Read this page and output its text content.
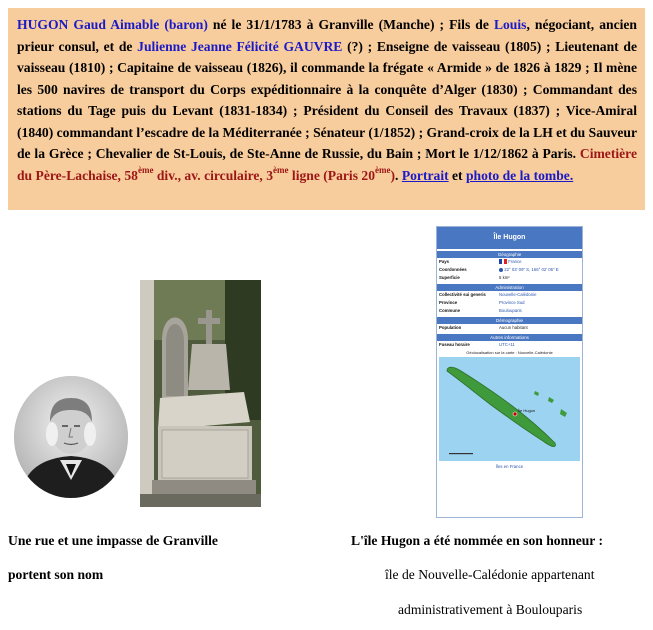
HUGON Gaud Aimable (baron) né le 31/1/1783 à Granville (Manche) ; Fils de Louis, négociant, ancien prieur consul, et de Julienne Jeanne Félicité GAUVRE (?) ; Enseigne de vaisseau (1805) ; Lieutenant de vaisseau (1810) ; Capitaine de vaisseau (1826), il commande la frégate « Armide » de 1826 à 1829 ; Il mène les 500 navires de transport du Corps expéditionnaire à la conquête d’Alger (1830) ; Commandant des stations du Tage puis du Levant (1831-1834) ; Président du Conseil des Travaux (1837) ; Vice-Amiral (1840) commandant l’escadre de la Méditerranée ; Sénateur (1/1852) ; Grand-croix de la LH et du Sauveur de la Grèce ; Chevalier de St-Louis, de Ste-Anne de Russie, du Bain ; Mort le 1/12/1862 à Paris. Cimetière du Père-Lachaise, 58ème div., av. circulaire, 3ème ligne (Paris 20ème). Portrait et photo de la tombe.
Île Hugon
Géographie
Pays	France
Coordonnées	22° 03′ 09″ S, 166° 02′ 05″ E
Superficie	5 km²
Administration
Collectivité sui generis	Nouvelle-Calédonie
Province	Province Sud
Commune	Boulouparis
Démographie
Population	Aucun habitant
Autres informations
Fuseau horaire	UTC+11
Géolocalisation sur la carte : Nouvelle-Calédonie
Île Hugon
Îles en France
Une rue et une impasse de Granville
portent son nom
L'île Hugon a été nommée en son honneur :
île de Nouvelle-Calédonie appartenant
administrativement à Boulouparis
